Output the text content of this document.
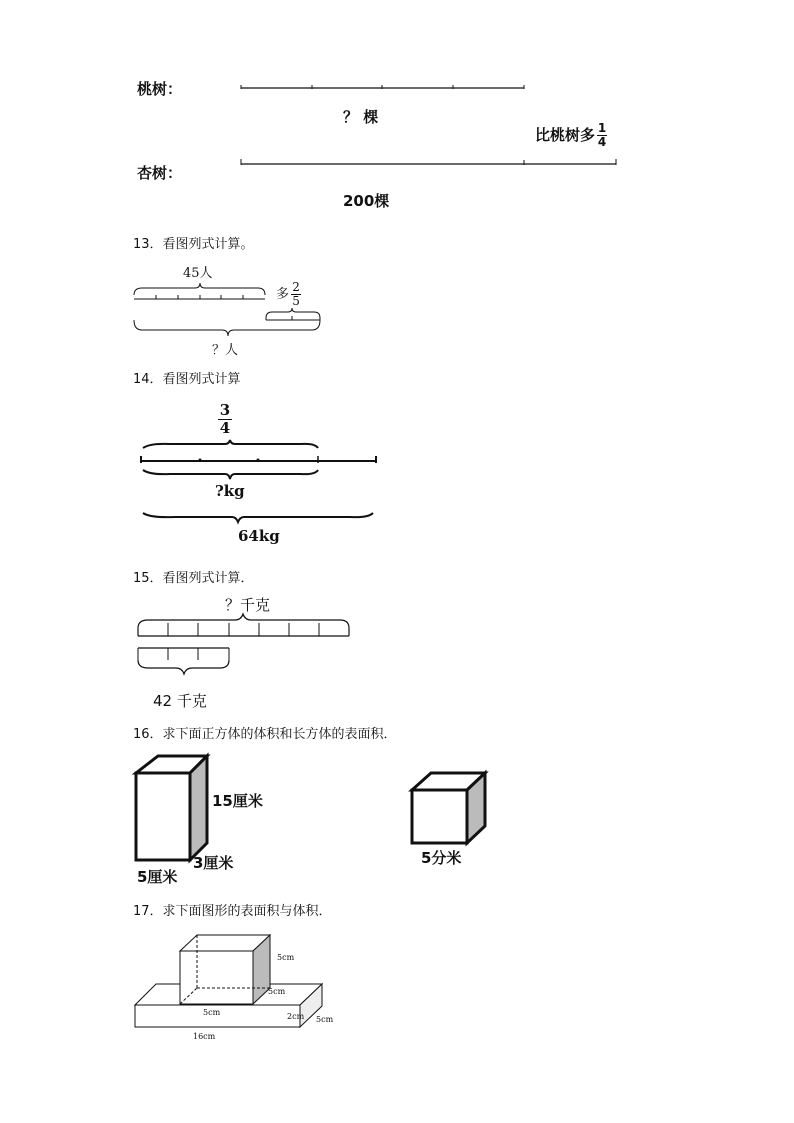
桃树：
？ 棵
比桃树多 $\frac{1}{4}$
杏树：
200棵
13．看图列式计算。
45人
多 $\frac{2}{5}$
？人
14．看图列式计算
$\frac{3}{4}$
?kg
64kg
15．看图列式计算．
？千克
42 千克
16．求下面正方体的体积和长方体的表面积．
15厘米
3厘米
5厘米
5分米
17．求下面图形的表面积与体积．
5cm
5cm
5cm	2cm 5cm
16cm
